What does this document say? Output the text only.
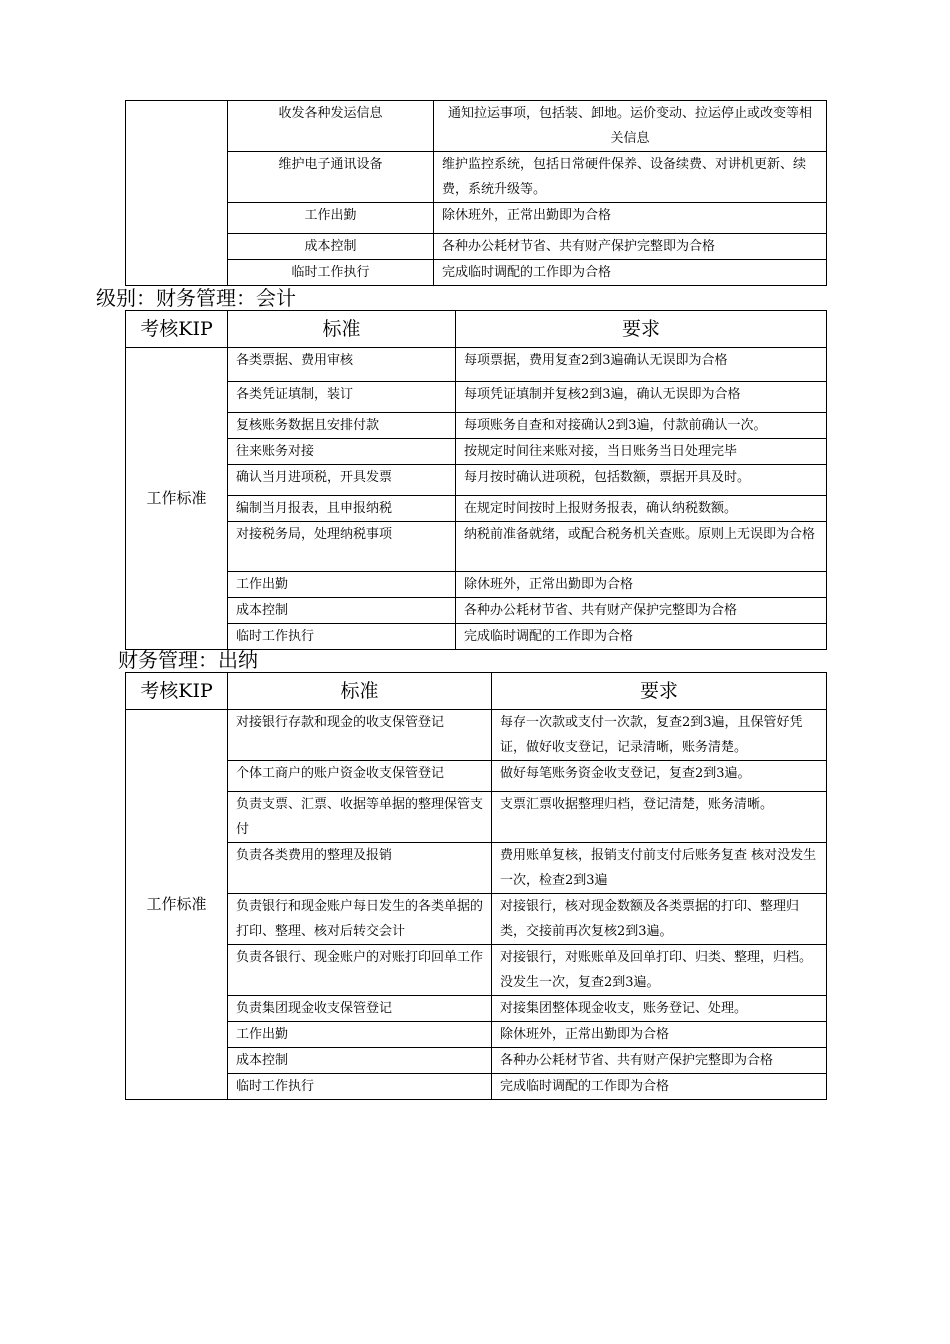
	收发各种发运信息	通知拉运事项，包括装、卸地。运价变动、拉运停止或改变等相关信息
	维护电子通讯设备	维护监控系统，包括日常硬件保养、设备续费、对讲机更新、续费，系统升级等。
	工作出勤	除休班外，正常出勤即为合格
	成本控制	各种办公耗材节省、共有财产保护完整即为合格
	临时工作执行	完成临时调配的工作即为合格
级别：财务管理：会计
考核KIP	标准	要求
工作标准	各类票据、费用审核	每项票据，费用复查2到3遍确认无误即为合格
	各类凭证填制，装订	每项凭证填制并复核2到3遍，确认无误即为合格
	复核账务数据且安排付款	每项账务自查和对接确认2到3遍，付款前确认一次。
	往来账务对接	按规定时间往来账对接，当日账务当日处理完毕
	确认当月进项税，开具发票	每月按时确认进项税，包括数额，票据开具及时。
	编制当月报表，且申报纳税	在规定时间按时上报财务报表，确认纳税数额。
	对接税务局，处理纳税事项	纳税前准备就绪，或配合税务机关查账。原则上无误即为合格
	工作出勤	除休班外，正常出勤即为合格
	成本控制	各种办公耗材节省、共有财产保护完整即为合格
	临时工作执行	完成临时调配的工作即为合格
财务管理：出纳
考核KIP	标准	要求
工作标准	对接银行存款和现金的收支保管登记	每存一次款或支付一次款，复查2到3遍，且保管好凭证，做好收支登记，记录清晰，账务清楚。
	个体工商户的账户资金收支保管登记	做好每笔账务资金收支登记，复查2到3遍。
	负责支票、汇票、收据等单据的整理保管支付	支票汇票收据整理归档，登记清楚，账务清晰。
	负责各类费用的整理及报销	费用账单复核，报销支付前支付后账务复查 核对没发生一次，检查2到3遍
	负责银行和现金账户每日发生的各类单据的打印、整理、核对后转交会计	对接银行，核对现金数额及各类票据的打印、整理归类，交接前再次复核2到3遍。
	负责各银行、现金账户的对账打印回单工作	对接银行，对账账单及回单打印、归类、整理，归档。没发生一次，复查2到3遍。
	负责集团现金收支保管登记	对接集团整体现金收支，账务登记、处理。
	工作出勤	除休班外，正常出勤即为合格
	成本控制	各种办公耗材节省、共有财产保护完整即为合格
	临时工作执行	完成临时调配的工作即为合格
